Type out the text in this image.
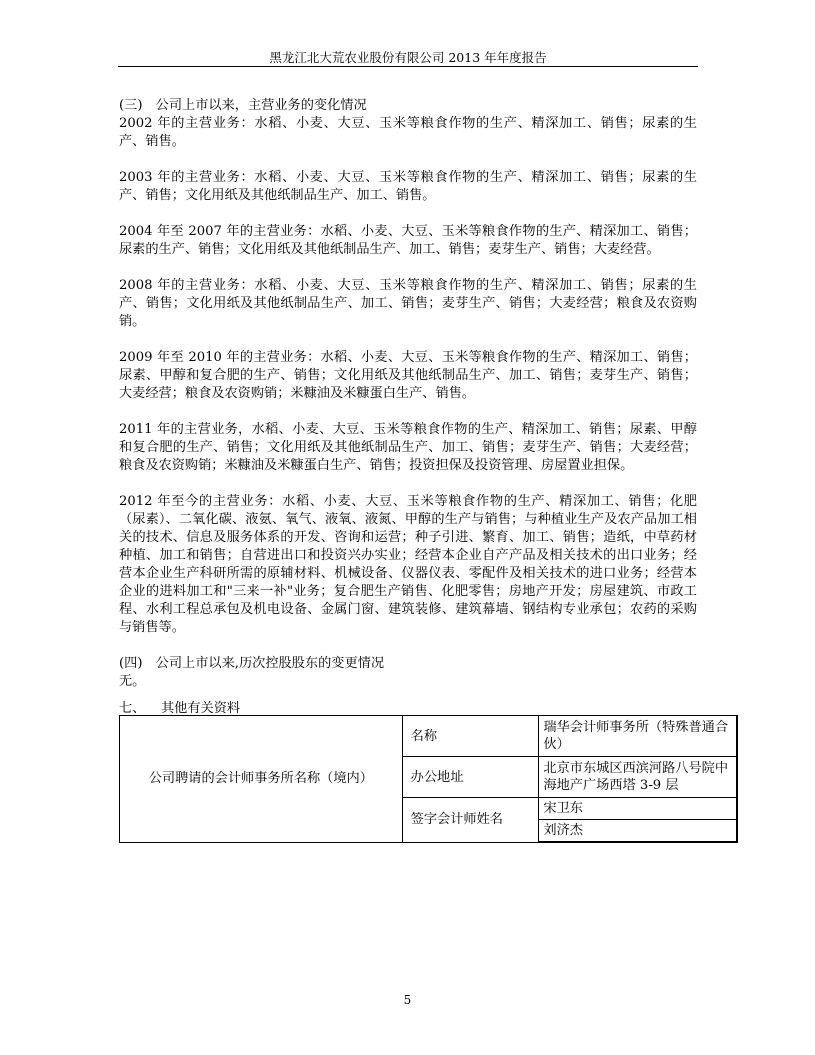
黑龙江北大荒农业股份有限公司 2013 年年度报告

(三)　公司上市以来，主营业务的变化情况

2002 年的主营业务：水稻、小麦、大豆、玉米等粮食作物的生产、精深加工、销售；尿素的生产、销售。

2003 年的主营业务：水稻、小麦、大豆、玉米等粮食作物的生产、精深加工、销售；尿素的生产、销售；文化用纸及其他纸制品生产、加工、销售。

2004 年至 2007 年的主营业务：水稻、小麦、大豆、玉米等粮食作物的生产、精深加工、销售；尿素的生产、销售；文化用纸及其他纸制品生产、加工、销售；麦芽生产、销售；大麦经营。

2008 年的主营业务：水稻、小麦、大豆、玉米等粮食作物的生产、精深加工、销售；尿素的生产、销售；文化用纸及其他纸制品生产、加工、销售；麦芽生产、销售；大麦经营；粮食及农资购销。

2009 年至 2010 年的主营业务：水稻、小麦、大豆、玉米等粮食作物的生产、精深加工、销售；尿素、甲醇和复合肥的生产、销售；文化用纸及其他纸制品生产、加工、销售；麦芽生产、销售；大麦经营；粮食及农资购销；米糠油及米糠蛋白生产、销售。

2011 年的主营业务，水稻、小麦、大豆、玉米等粮食作物的生产、精深加工、销售；尿素、甲醇和复合肥的生产、销售；文化用纸及其他纸制品生产、加工、销售；麦芽生产、销售；大麦经营；粮食及农资购销；米糠油及米糠蛋白生产、销售；投资担保及投资管理、房屋置业担保。

2012 年至今的主营业务：水稻、小麦、大豆、玉米等粮食作物的生产、精深加工、销售；化肥（尿素）、二氧化碳、液氨、氧气、液氧、液氮、甲醇的生产与销售；与种植业生产及农产品加工相关的技术、信息及服务体系的开发、咨询和运营；种子引进、繁育、加工、销售；造纸，中草药材种植、加工和销售；自营进出口和投资兴办实业；经营本企业自产产品及相关技术的出口业务；经营本企业生产科研所需的原辅材料、机械设备、仪器仪表、零配件及相关技术的进口业务；经营本企业的进料加工和"三来一补"业务；复合肥生产销售、化肥零售；房地产开发；房屋建筑、市政工程、水利工程总承包及机电设备、金属门窗、建筑装修、建筑幕墙、钢结构专业承包；农药的采购与销售等。

(四)　公司上市以来,历次控股股东的变更情况

无。

七、 其他有关资料
公司聘请的会计师事务所名称（境内）	名称	瑞华会计师事务所（特殊普通合伙）
	办公地址	北京市东城区西滨河路八号院中海地产广场西塔 3-9 层
	签字会计师姓名	宋卫东
		刘济杰
5
